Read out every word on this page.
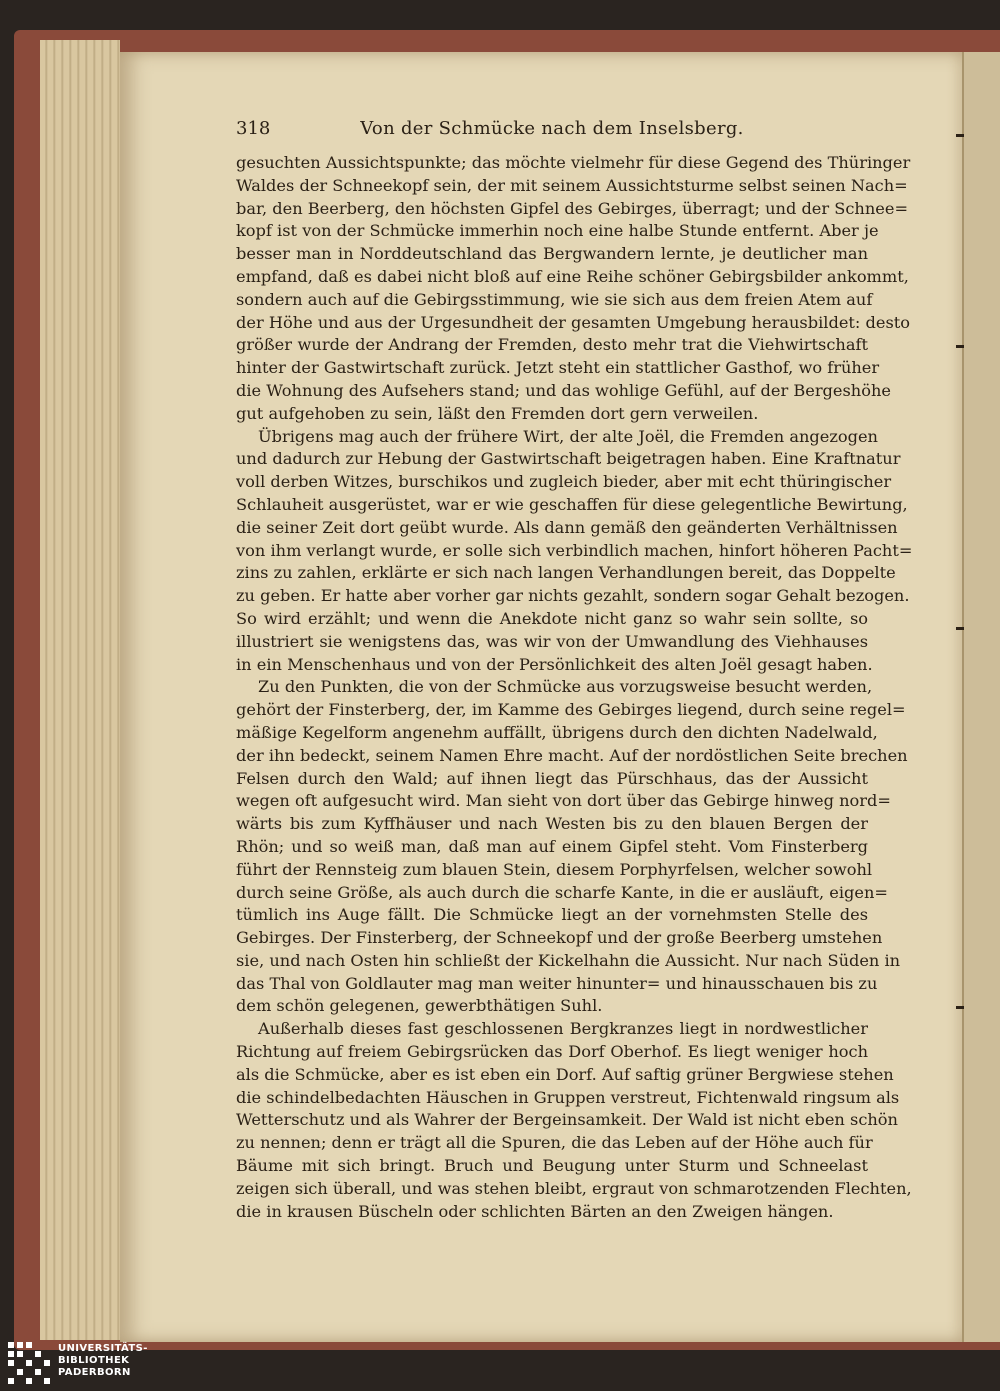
318	Von der Schmücke nach dem Inselsberg.
gesuchten Aussichtspunkte; das möchte vielmehr für diese Gegend des Thüringer
Waldes der Schneekopf sein, der mit seinem Aussichtsturme selbst seinen Nach=
bar, den Beerberg, den höchsten Gipfel des Gebirges, überragt; und der Schnee=
kopf ist von der Schmücke immerhin noch eine halbe Stunde entfernt. Aber je
besser man in Norddeutschland das Bergwandern lernte, je deutlicher man
empfand, daß es dabei nicht bloß auf eine Reihe schöner Gebirgsbilder ankommt,
sondern auch auf die Gebirgsstimmung, wie sie sich aus dem freien Atem auf
der Höhe und aus der Urgesundheit der gesamten Umgebung herausbildet: desto
größer wurde der Andrang der Fremden, desto mehr trat die Viehwirtschaft
hinter der Gastwirtschaft zurück. Jetzt steht ein stattlicher Gasthof, wo früher
die Wohnung des Aufsehers stand; und das wohlige Gefühl, auf der Bergeshöhe
gut aufgehoben zu sein, läßt den Fremden dort gern verweilen.
Übrigens mag auch der frühere Wirt, der alte Joël, die Fremden angezogen
und dadurch zur Hebung der Gastwirtschaft beigetragen haben. Eine Kraftnatur
voll derben Witzes, burschikos und zugleich bieder, aber mit echt thüringischer
Schlauheit ausgerüstet, war er wie geschaffen für diese gelegentliche Bewirtung,
die seiner Zeit dort geübt wurde. Als dann gemäß den geänderten Verhältnissen
von ihm verlangt wurde, er solle sich verbindlich machen, hinfort höheren Pacht=
zins zu zahlen, erklärte er sich nach langen Verhandlungen bereit, das Doppelte
zu geben. Er hatte aber vorher gar nichts gezahlt, sondern sogar Gehalt bezogen.
So wird erzählt; und wenn die Anekdote nicht ganz so wahr sein sollte, so
illustriert sie wenigstens das, was wir von der Umwandlung des Viehhauses
in ein Menschenhaus und von der Persönlichkeit des alten Joël gesagt haben.
Zu den Punkten, die von der Schmücke aus vorzugsweise besucht werden,
gehört der Finsterberg, der, im Kamme des Gebirges liegend, durch seine regel=
mäßige Kegelform angenehm auffällt, übrigens durch den dichten Nadelwald,
der ihn bedeckt, seinem Namen Ehre macht. Auf der nordöstlichen Seite brechen
Felsen durch den Wald; auf ihnen liegt das Pürschhaus, das der Aussicht
wegen oft aufgesucht wird. Man sieht von dort über das Gebirge hinweg nord=
wärts bis zum Kyffhäuser und nach Westen bis zu den blauen Bergen der
Rhön; und so weiß man, daß man auf einem Gipfel steht. Vom Finsterberg
führt der Rennsteig zum blauen Stein, diesem Porphyrfelsen, welcher sowohl
durch seine Größe, als auch durch die scharfe Kante, in die er ausläuft, eigen=
tümlich ins Auge fällt. Die Schmücke liegt an der vornehmsten Stelle des
Gebirges. Der Finsterberg, der Schneekopf und der große Beerberg umstehen
sie, und nach Osten hin schließt der Kickelhahn die Aussicht. Nur nach Süden in
das Thal von Goldlauter mag man weiter hinunter= und hinausschauen bis zu
dem schön gelegenen, gewerbthätigen Suhl.
Außerhalb dieses fast geschlossenen Bergkranzes liegt in nordwestlicher
Richtung auf freiem Gebirgsrücken das Dorf Oberhof. Es liegt weniger hoch
als die Schmücke, aber es ist eben ein Dorf. Auf saftig grüner Bergwiese stehen
die schindelbedachten Häuschen in Gruppen verstreut, Fichtenwald ringsum als
Wetterschutz und als Wahrer der Bergeinsamkeit. Der Wald ist nicht eben schön
zu nennen; denn er trägt all die Spuren, die das Leben auf der Höhe auch für
Bäume mit sich bringt. Bruch und Beugung unter Sturm und Schneelast
zeigen sich überall, und was stehen bleibt, ergraut von schmarotzenden Flechten,
die in krausen Büscheln oder schlichten Bärten an den Zweigen hängen.
UNIVERSITÄTS-
BIBLIOTHEK
PADERBORN
